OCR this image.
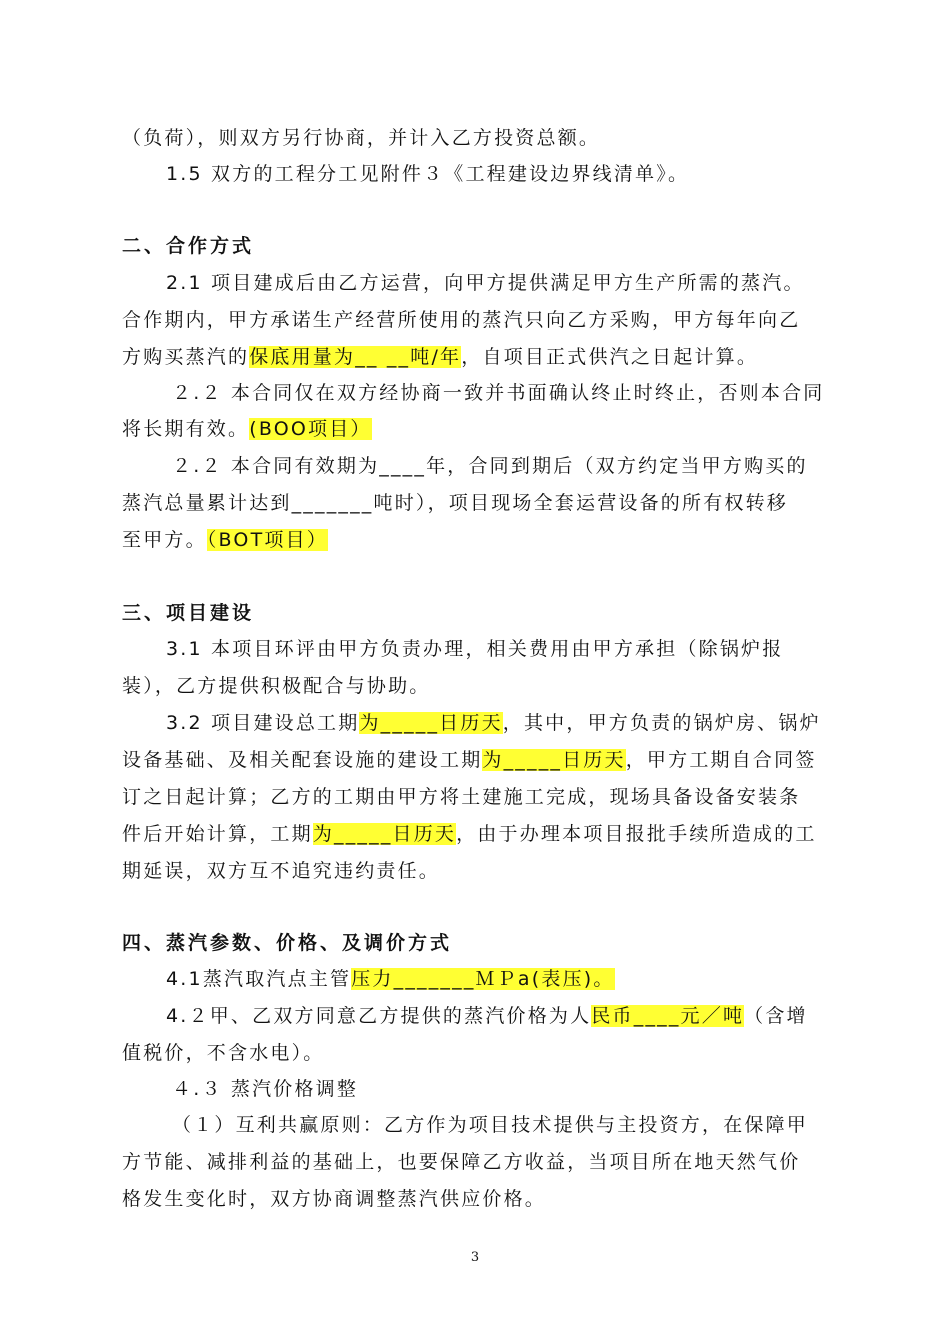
（负荷），则双方另行协商，并计入乙方投资总额。
1.5 双方的工程分工见附件３《工程建设边界线清单》。
二、合作方式
2.1 项目建成后由乙方运营，向甲方提供满足甲方生产所需的蒸汽。
合作期内，甲方承诺生产经营所使用的蒸汽只向乙方采购，甲方每年向乙
方购买蒸汽的保底用量为__ __吨/年，自项目正式供汽之日起计算。
２.２ 本合同仅在双方经协商一致并书面确认终止时终止，否则本合同
将长期有效。(BOO项目）
２.２ 本合同有效期为____年，合同到期后（双方约定当甲方购买的
蒸汽总量累计达到_______吨时），项目现场全套运营设备的所有权转移
至甲方。（BOT项目）
三、项目建设
3.1 本项目环评由甲方负责办理，相关费用由甲方承担（除锅炉报
装），乙方提供积极配合与协助。
3.2 项目建设总工期为_____日历天，其中，甲方负责的锅炉房、锅炉
设备基础、及相关配套设施的建设工期为_____日历天，甲方工期自合同签
订之日起计算；乙方的工期由甲方将土建施工完成，现场具备设备安装条
件后开始计算，工期为_____日历天，由于办理本项目报批手续所造成的工
期延误，双方互不追究违约责任。
四、蒸汽参数、价格、及调价方式
4.1蒸汽取汽点主管压力_______ＭＰa(表压)。
4.２甲、乙双方同意乙方提供的蒸汽价格为人民币____元／吨（含增
值税价，不含水电）。
４.３ 蒸汽价格调整
（１）互利共赢原则：乙方作为项目技术提供与主投资方，在保障甲
方节能、减排利益的基础上，也要保障乙方收益，当项目所在地天然气价
格发生变化时，双方协商调整蒸汽供应价格。
3
